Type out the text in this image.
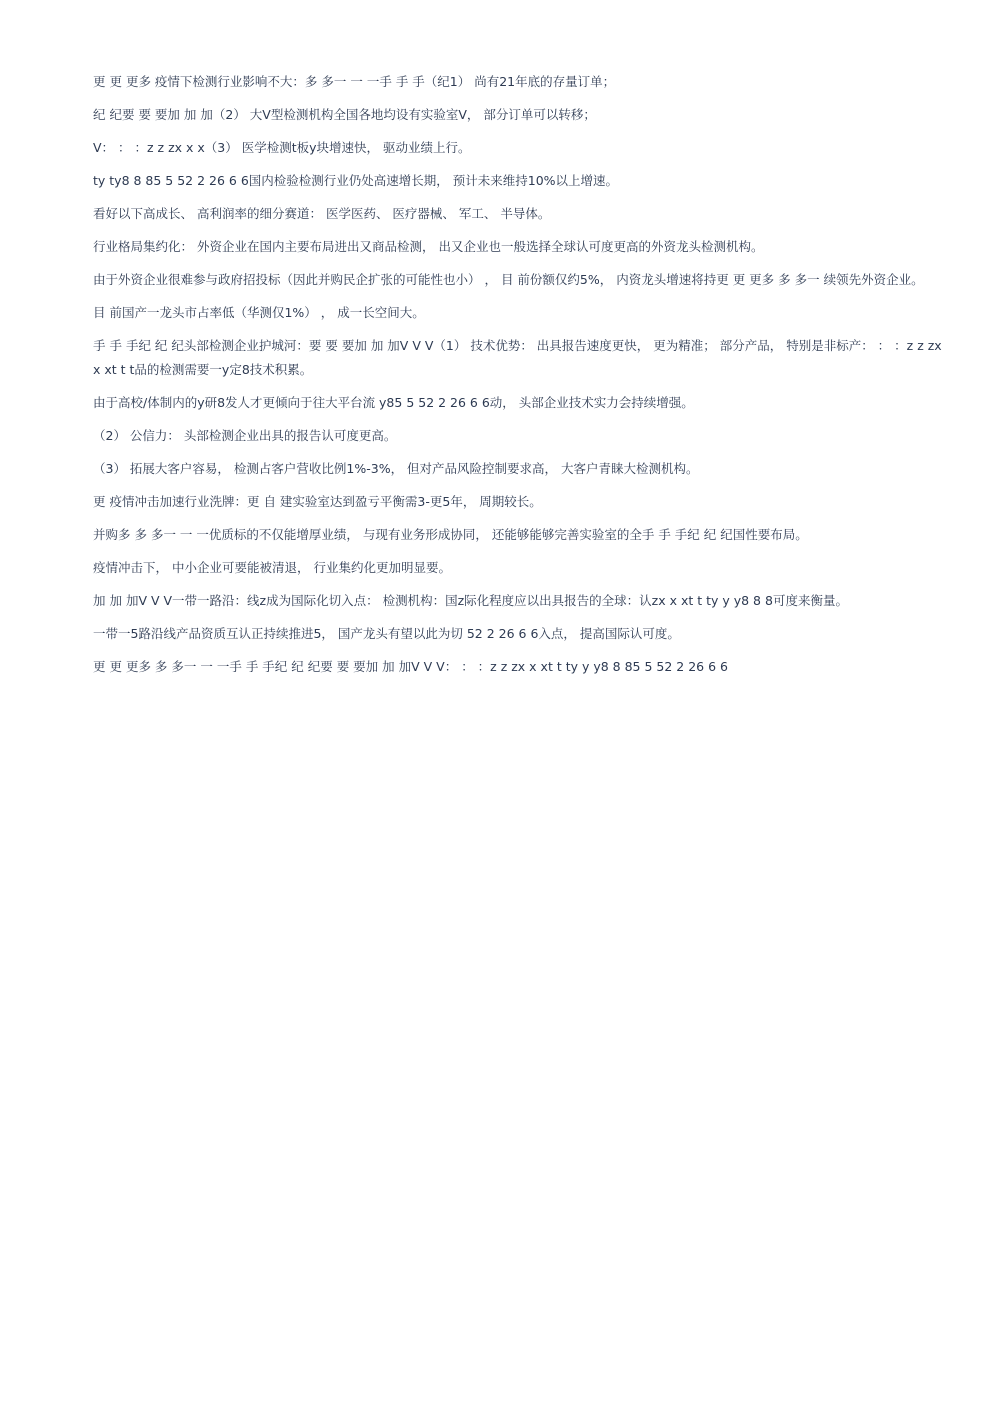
更 更 更多 疫情下检测行业影响不大：多 多一 一 一手 手 手（纪1） 尚有21年底的存量订单；

纪 纪要 要 要加 加 加（2） 大V型检测机构全国各地均设有实验室V， 部分订单可以转移；

V： ： ：z z zx x x（3） 医学检测t板y块增速快， 驱动业绩上行。

ty ty8 8 85 5 52 2 26 6 6国内检验检测行业仍处高速增长期， 预计未来维持10%以上增速。

看好以下高成长、 高利润率的细分赛道： 医学医药、 医疗器械、 军工、 半导体。

行业格局集约化： 外资企业在国内主要布局进出又商品检测， 出又企业也一般选择全球认可度更高的外资龙头检测机构。

由于外资企业很难参与政府招投标（因此并购民企扩张的可能性也小） ， 目 前份额仅约5%， 内资龙头增速将持更 更 更多 多 多一 续领先外资企业。

目 前国产一龙头市占率低（华测仅1%） ， 成一长空间大。

手 手 手纪 纪 纪头部检测企业护城河：要 要 要加 加 加V V V（1） 技术优势： 出具报告速度更快， 更为精准； 部分产品， 特别是非标产： ： ：z z zx x xt t t品的检测需要一y定8技术积累。

由于高校/体制内的y研8发人才更倾向于往大平台流 y85 5 52 2 26 6 6动， 头部企业技术实力会持续增强。

（2） 公信力： 头部检测企业出具的报告认可度更高。

（3） 拓展大客户容易， 检测占客户营收比例1%-3%， 但对产品风险控制要求高， 大客户青睐大检测机构。

更 疫情冲击加速行业洗牌：更 自 建实验室达到盈亏平衡需3-更5年， 周期较长。

并购多 多 多一 一 一优质标的不仅能增厚业绩， 与现有业务形成协同， 还能够能够完善实验室的全手 手 手纪 纪 纪国性要布局。

疫情冲击下， 中小企业可要能被清退， 行业集约化更加明显要。

加 加 加V V V一带一路沿：线z成为国际化切入点： 检测机构：国z际化程度应以出具报告的全球：认zx x xt t ty y y8 8 8可度来衡量。

一带一5路沿线产品资质互认正持续推进5， 国产龙头有望以此为切 52 2 26 6 6入点， 提高国际认可度。

更 更 更多 多 多一 一 一手 手 手纪 纪 纪要 要 要加 加 加V V V： ： ：z z zx x xt t ty y y8 8 85 5 52 2 26 6 6
